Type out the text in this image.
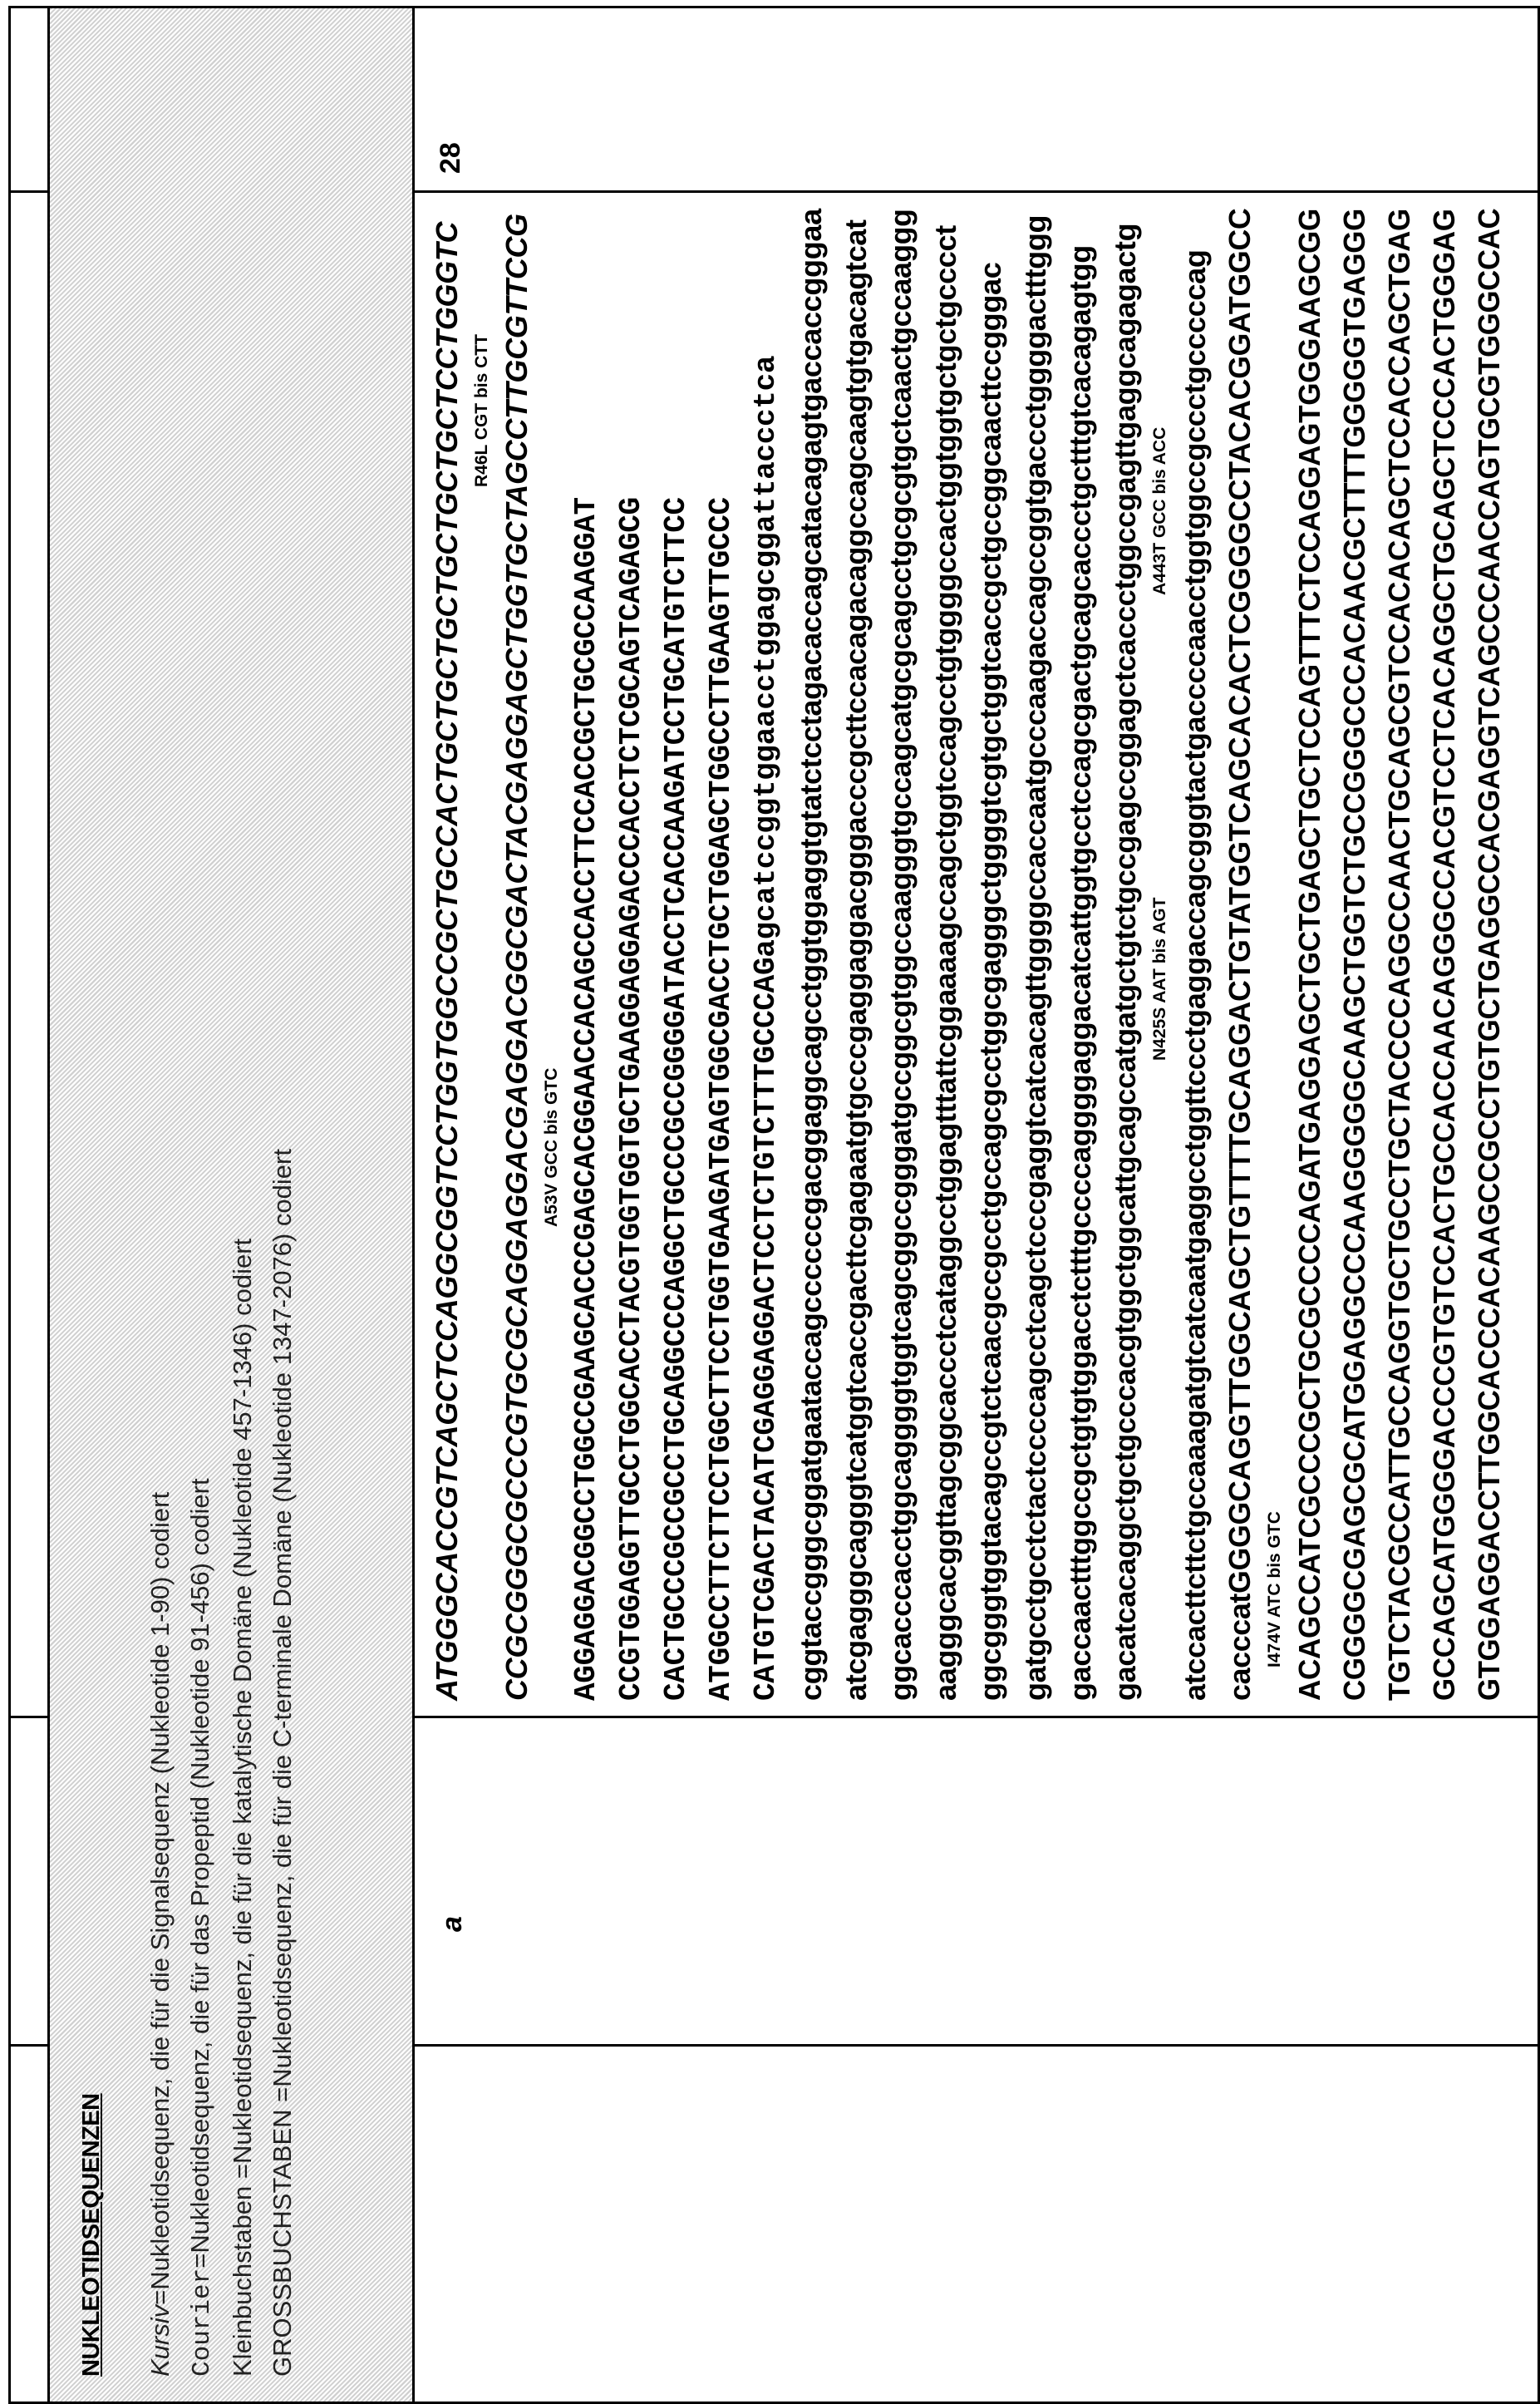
NUKLEOTIDSEQUENZEN Kursiv=Nukleotidsequenz, die für die Signalsequenz (Nukleotide 1-90) codiert
Courier=Nukleotidsequenz, die für das Propeptid (Nukleotide 91-456) codiert
Kleinbuchstaben =Nukleotidsequenz, die für die katalytische Domäne (Nukleotide 457-1346) codiert
GROSSBUCHSTABEN =Nukleotidsequenz, die für die C-terminale Domäne (Nukleotide 1347-2076) codiert	a	
ATGGGCACCGTCAGCTCCAGGCGGTCCTGGTGGCCGCTGCCACTGCTGCTGCTGCTGCTGCTCCTGGGTC R46L CGT bis CTT CCGCGGGCGCCCGTGCGCAGGAGGACGAGGACGGCGACTACGAGGAGCTGGTGCTAGCCTTGCGTTCCG A53V GCC bis GTC AGGAGGACGGCCTGGCCGAAGCACCCGAGCACGGAACCACAGCCACCTTCCACCGCTGCGCCAAGGAT CCGTGGAGGTTGCCTGGCACCTACGTGGTGGTGCTGAAGGAGGAGACCCACCTCTCGCAGTCAGAGCG CACTGCCCGCCGCCTGCAGGCCCAGGCTGCCCGCCGGGGATACCTCACCAAGATCCTGCATGTCTTCC ATGGCCTTCTTCCTGGCTTCCTGGTGAAGATGAGTGGCGACCTGCTGGAGCTGGCCTTGAAGTTGCCC CATGTCGACTACATCGAGGAGGACTCCTCTGTCTTTGCCCAGagcatccggtggaacctggagcggattaccctca cggtaccgggcggatgaataccagccccccgacggaggcagcctggtggaggtgtatctcctagacaccagcatacagagtgaccaccgggaa atcgagggcagggtcatggtcaccgacttcgagaatgtgcccgaggaggacgggacccgcttccacagacaggccagcaagtgtgacagtcat ggcacccacctggcaggggtggtcagcggccgggatgccggcgtggccaagggtgccagcatgcgcagcctgcgcgtgctcaactgccaaggg aagggcacggttagcggcaccctcataggcctggagtttattcggaaaagccagctggtccagcctgtggggccactggtggtgctgctgcccct ggcgggtggtacagccgtctcaacgccgcctgccagcgcctggcgagggctggggtcgtgctggtcaccgctgccggcaacttccgggac gatgcctgcctctactccccagcctcagctcccgaggtcatcacagttggggccaccaatgcccaagaccagccggtgaccctggggactttggg gaccaactttggccgctgtgtggacctctttgccccaggggaggacatcattggtgcctccagcgactgcagcaccctgctttgtcacagagtgg gacatcacaggctgctgcccacgtggctggcattgcagccatgatgctgtctgccgagccggagctcaccctggccgagttgaggcagagactg N425S AAT bis AGT
A443T GCC bis ACC atccacttcttctgccaaagatgtcatcaatgaggcctggttccctgaggaccagcgggtactgaccccaacctggtggccgccctgcccccag cacccatGGGGCAGGTTGGCAGCTGTTTTGCAGGACTGTATGGTCAGCACACTCGGGGCCTACACGGATGGCC I474V ATC bis GTC ACAGCCATCGCCCGCTGCGCCCCAGATGAGGAGCTGCTGAGCTGCTCCAGTTTCTCCAGGAGTGGGAAGCGG CGGGGCGAGCGCATGGAGGCCCAAGGGGGCAAGCTGGTCTGCCGGGCCCACAACGCTTTTGGGGGTGAGGG TGTCTACGCCATTGCCAGGTGCTGCCTGCTACCCCAGGCCAACTGCAGCGTCCACACAGCTCCACCAGCTGAG GCCAGCATGGGGACCCGTGTCCACTGCCACCAACAGGGCCACGTCCTCACAGGCTGCAGCTCCCACTGGGAG GTGGAGGACCTTGGCACCCACAAGCCGCCTGTGCTGAGGCCACGAGGTCAGCCCAACCAGTGCGTGGGCCAC
	28
